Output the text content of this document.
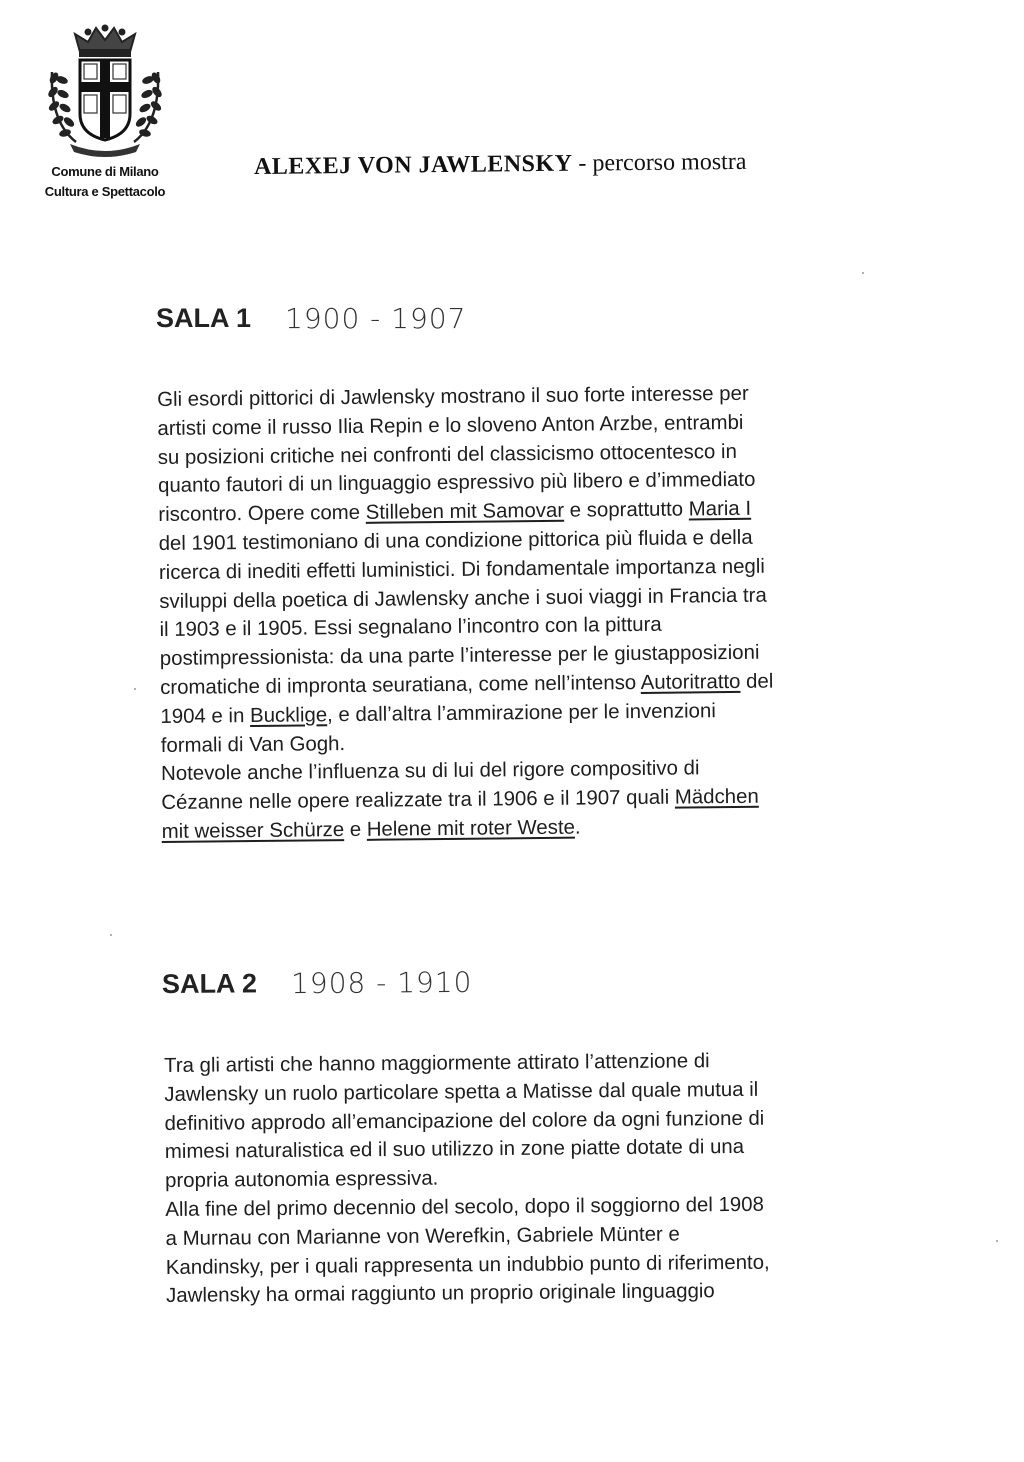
Comune di Milano
Cultura e Spettacolo
ALEXEJ VON JAWLENSKY - percorso mostra
SALA 1 1900 - 1907
Gli esordi pittorici di Jawlensky mostrano il suo forte interesse per
artisti come il russo Ilia Repin e lo sloveno Anton Arzbe, entrambi
su posizioni critiche nei confronti del classicismo ottocentesco in
quanto fautori di un linguaggio espressivo più libero e d’immediato
riscontro. Opere come Stilleben mit Samovar e soprattutto Maria I
del 1901 testimoniano di una condizione pittorica più fluida e della
ricerca di inediti effetti luministici. Di fondamentale importanza negli
sviluppi della poetica di Jawlensky anche i suoi viaggi in Francia tra
il 1903 e il 1905. Essi segnalano l’incontro con la pittura
postimpressionista: da una parte l’interesse per le giustapposizioni
cromatiche di impronta seuratiana, come nell’intenso Autoritratto del
1904 e in Bucklige, e dall’altra l’ammirazione per le invenzioni
formali di Van Gogh.
Notevole anche l’influenza su di lui del rigore compositivo di
Cézanne nelle opere realizzate tra il 1906 e il 1907 quali Mädchen
mit weisser Schürze e Helene mit roter Weste.
SALA 2 1908 - 1910
Tra gli artisti che hanno maggiormente attirato l’attenzione di
Jawlensky un ruolo particolare spetta a Matisse dal quale mutua il
definitivo approdo all’emancipazione del colore da ogni funzione di
mimesi naturalistica ed il suo utilizzo in zone piatte dotate di una
propria autonomia espressiva.
Alla fine del primo decennio del secolo, dopo il soggiorno del 1908
a Murnau con Marianne von Werefkin, Gabriele Münter e
Kandinsky, per i quali rappresenta un indubbio punto di riferimento,
Jawlensky ha ormai raggiunto un proprio originale linguaggio
